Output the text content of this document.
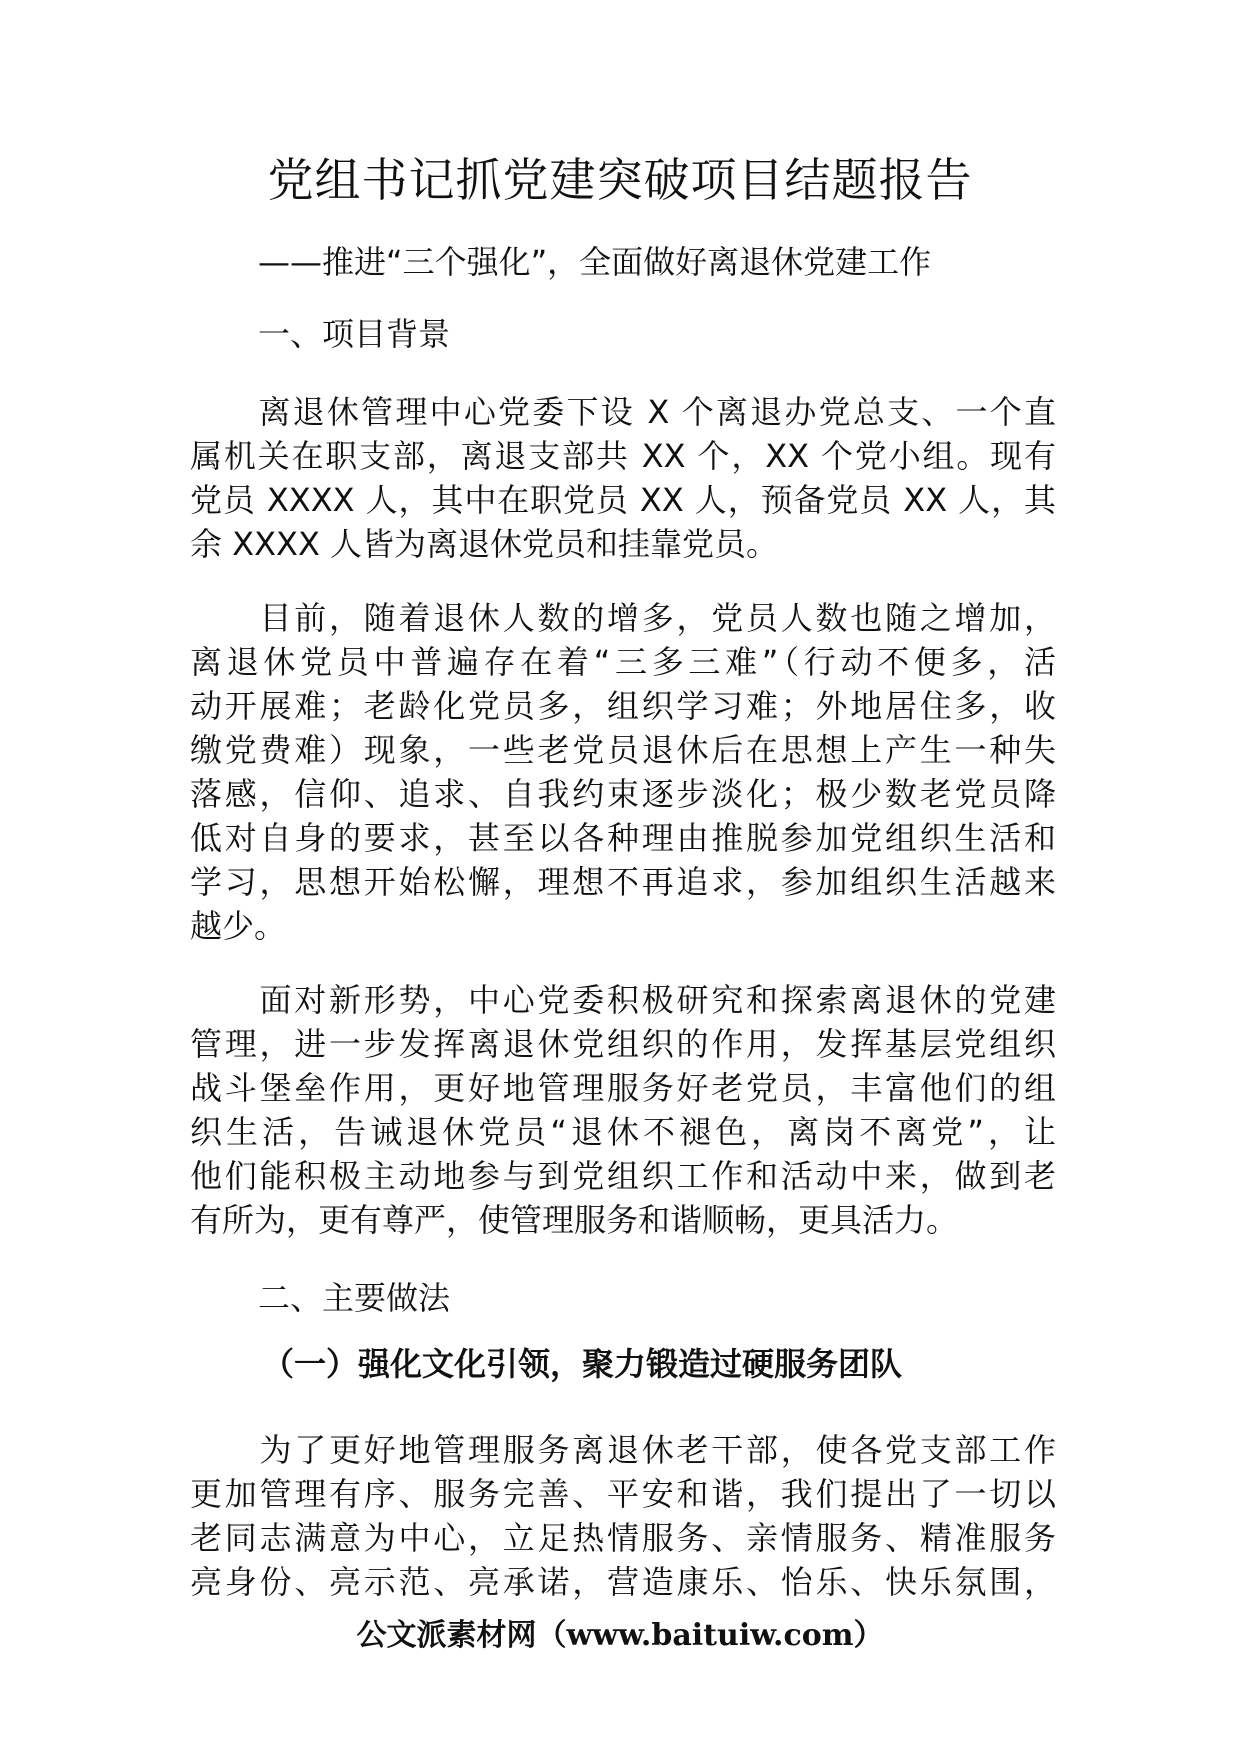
党组书记抓党建突破项目结题报告
——推进“三个强化”，全面做好离退休党建工作
一、项目背景
　　离退休管理中心党委下设 X 个离退办党总支、一个直
属机关在职支部，离退支部共 XX 个，XX 个党小组。现有
党员 XXXX 人，其中在职党员 XX 人，预备党员 XX 人，其
余 XXXX 人皆为离退休党员和挂靠党员。
　　目前，随着退休人数的增多，党员人数也随之增加，
离退休党员中普遍存在着“三多三难”（行动不便多，活
动开展难；老龄化党员多，组织学习难；外地居住多，收
缴党费难）现象，一些老党员退休后在思想上产生一种失
落感，信仰、追求、自我约束逐步淡化；极少数老党员降
低对自身的要求，甚至以各种理由推脱参加党组织生活和
学习，思想开始松懈，理想不再追求，参加组织生活越来
越少。
　　面对新形势，中心党委积极研究和探索离退休的党建
管理，进一步发挥离退休党组织的作用，发挥基层党组织
战斗堡垒作用，更好地管理服务好老党员，丰富他们的组
织生活，告诫退休党员“退休不褪色，离岗不离党”，让
他们能积极主动地参与到党组织工作和活动中来，做到老
有所为，更有尊严，使管理服务和谐顺畅，更具活力。
二、主要做法
（一）强化文化引领，聚力锻造过硬服务团队
　　为了更好地管理服务离退休老干部，使各党支部工作
更加管理有序、服务完善、平安和谐，我们提出了一切以
老同志满意为中心，立足热情服务、亲情服务、精准服务
亮身份、亮示范、亮承诺，营造康乐、怡乐、快乐氛围，
公文派素材网（www.baituiw.com）
